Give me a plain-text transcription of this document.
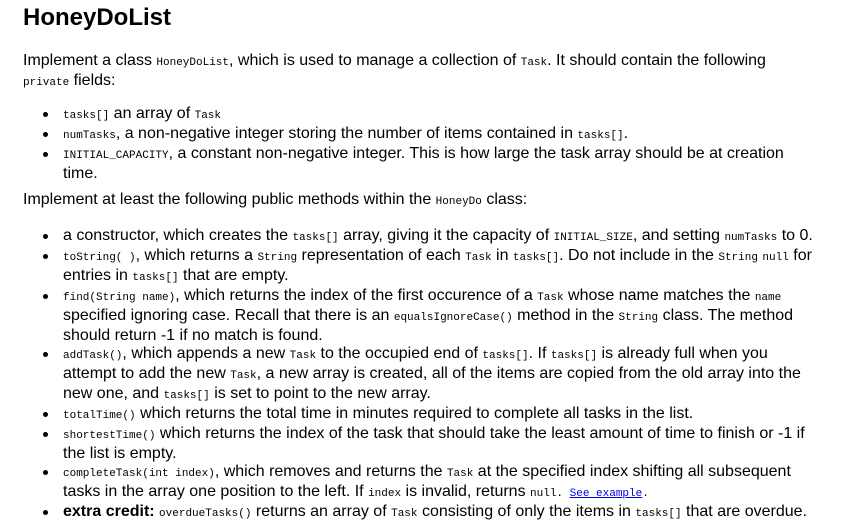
HoneyDoList

Implement a class HoneyDoList, which is used to manage a collection of Task. It should contain the following
private fields:

tasks[] an array of Task
numTasks, a non-negative integer storing the number of items contained in tasks[].
INITIAL_CAPACITY, a constant non-negative integer. This is how large the task array should be at creation time.

Implement at least the following public methods within the HoneyDo class:

a constructor, which creates the tasks[] array, giving it the capacity of INITIAL_SIZE, and setting numTasks to 0.
toString( ), which returns a String representation of each Task in tasks[]. Do not include in the String null for entries in tasks[] that are empty.
find(String name), which returns the index of the first occurence of a Task whose name matches the name specified ignoring case. Recall that there is an equalsIgnoreCase() method in the String class. The method should return -1 if no match is found.
addTask(), which appends a new Task to the occupied end of tasks[]. If tasks[] is already full when you attempt to add the new Task, a new array is created, all of the items are copied from the old array into the new one, and tasks[] is set to point to the new array.
totalTime() which returns the total time in minutes required to complete all tasks in the list.
shortestTime() which returns the index of the task that should take the least amount of time to finish or -1 if the list is empty.
completeTask(int index), which removes and returns the Task at the specified index shifting all subsequent tasks in the array one position to the left. If index is invalid, returns null. See example.
extra credit: overdueTasks() returns an array of Task consisting of only the items in tasks[] that are overdue.
